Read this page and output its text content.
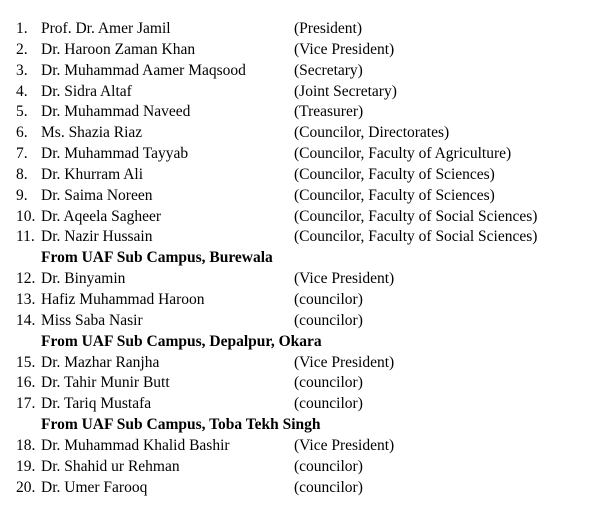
1. Prof. Dr. Amer Jamil	(President)
2. Dr. Haroon Zaman Khan	(Vice President)
3. Dr. Muhammad Aamer Maqsood	(Secretary)
4. Dr. Sidra Altaf	(Joint Secretary)
5. Dr. Muhammad Naveed	(Treasurer)
6. Ms. Shazia Riaz	(Councilor, Directorates)
7. Dr. Muhammad Tayyab	(Councilor, Faculty of Agriculture)
8. Dr. Khurram Ali	(Councilor, Faculty of Sciences)
9. Dr. Saima Noreen	(Councilor, Faculty of Sciences)
10. Dr. Aqeela Sagheer	(Councilor, Faculty of Social Sciences)
11. Dr. Nazir Hussain	(Councilor, Faculty of Social Sciences)
From UAF Sub Campus, Burewala
12. Dr. Binyamin	(Vice President)
13. Hafiz Muhammad Haroon	(councilor)
14. Miss Saba Nasir	(councilor)
From UAF Sub Campus, Depalpur, Okara
15. Dr. Mazhar Ranjha	(Vice President)
16. Dr. Tahir Munir Butt	(councilor)
17. Dr. Tariq Mustafa	(councilor)
From UAF Sub Campus, Toba Tekh Singh
18. Dr. Muhammad Khalid Bashir	(Vice President)
19. Dr. Shahid ur Rehman	(councilor)
20. Dr. Umer Farooq	(councilor)
